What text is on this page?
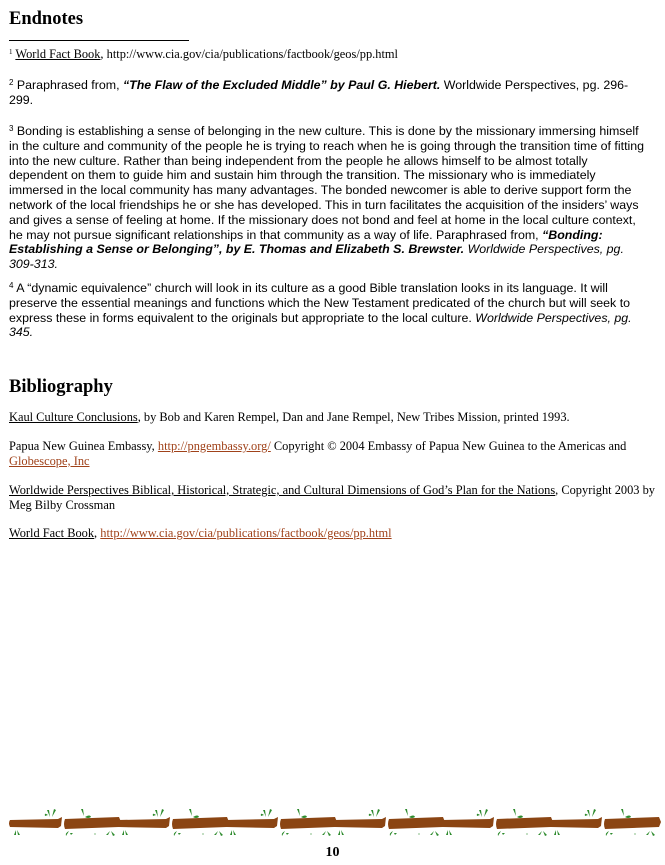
Endnotes
$^1$ World Fact Book, http://www.cia.gov/cia/publications/factbook/geos/pp.html
$^2$ Paraphrased from, “The Flaw of the Excluded Middle” by Paul G. Hiebert. Worldwide Perspectives, pg. 296-299.
$^3$ Bonding is establishing a sense of belonging in the new culture. This is done by the missionary immersing himself in the culture and community of the people he is trying to reach when he is going through the transition time of fitting into the new culture. Rather than being independent from the people he allows himself to be almost totally dependent on them to guide him and sustain him through the transition. The missionary who is immediately immersed in the local community has many advantages. The bonded newcomer is able to derive support form the network of the local friendships he or she has developed. This in turn facilitates the acquisition of the insiders’ ways and gives a sense of feeling at home. If the missionary does not bond and feel at home in the local culture context, he may not pursue significant relationships in that community as a way of life. Paraphrased from, “Bonding: Establishing a Sense or Belonging”, by E. Thomas and Elizabeth S. Brewster. Worldwide Perspectives, pg. 309-313.
$^4$ A “dynamic equivalence” church will look in its culture as a good Bible translation looks in its language. It will preserve the essential meanings and functions which the New Testament predicated of the church but will seek to express these in forms equivalent to the originals but appropriate to the local culture. Worldwide Perspectives, pg. 345.
Bibliography
Kaul Culture Conclusions, by Bob and Karen Rempel, Dan and Jane Rempel, New Tribes Mission, printed 1993.
Papua New Guinea Embassy, http://pngembassy.org/ Copyright © 2004 Embassy of Papua New Guinea to the Americas and
Globescope, Inc
Worldwide Perspectives Biblical, Historical, Strategic, and Cultural Dimensions of God’s Plan for the Nations, Copyright 2003 by Meg Bilby Crossman
World Fact Book, http://www.cia.gov/cia/publications/factbook/geos/pp.html
10
